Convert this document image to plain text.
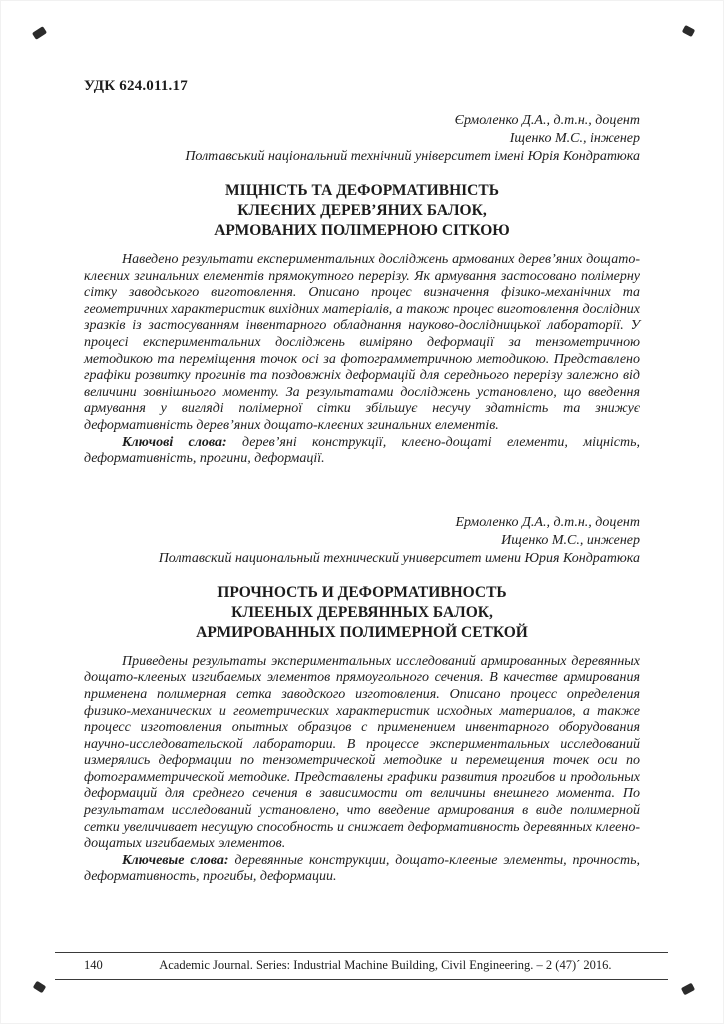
УДК 624.011.17

Єрмоленко Д.А., д.т.н., доцент

Іщенко М.С., інженер

Полтавський національний технічний університет імені Юрія Кондратюка

МІЦНІСТЬ ТА ДЕФОРМАТИВНІСТЬ
КЛЕЄНИХ ДЕРЕВ’ЯНИХ БАЛОК,
АРМОВАНИХ ПОЛІМЕРНОЮ СІТКОЮ

Наведено результати експериментальних досліджень армованих дерев’яних дощато-клеєних згинальних елементів прямокутного перерізу. Як армування застосовано полімерну сітку заводського виготовлення. Описано процес визначення фізико-механічних та геометричних характеристик вихідних матеріалів, а також процес виготовлення дослідних зразків із застосуванням інвентарного обладнання науково-дослідницької лабораторії. У процесі експериментальних досліджень виміряно деформації за тензометричною методикою та переміщення точок осі за фотограмметричною методикою. Представлено графіки розвитку прогинів та поздовжніх деформацій для середнього перерізу залежно від величини зовнішнього моменту. За результатами досліджень установлено, що введення армування у вигляді полімерної сітки збільшує несучу здатність та знижує деформативність дерев’яних дощато-клеєних згинальних елементів.

Ключові слова: дерев’яні конструкції, клеєно-дощаті елементи, міцність, деформативність, прогини, деформації.

Ермоленко Д.А., д.т.н., доцент

Ищенко М.С., инженер

Полтавский национальный технический университет имени Юрия Кондратюка

ПРОЧНОСТЬ И ДЕФОРМАТИВНОСТЬ
КЛЕЕНЫХ ДЕРЕВЯННЫХ БАЛОК,
АРМИРОВАННЫХ ПОЛИМЕРНОЙ СЕТКОЙ

Приведены результаты экспериментальных исследований армированных деревянных дощато-клееных изгибаемых элементов прямоугольного сечения. В качестве армирования применена полимерная сетка заводского изготовления. Описано процесс определения физико-механических и геометрических характеристик исходных материалов, а также процесс изготовления опытных образцов с применением инвентарного оборудования научно-исследовательской лаборатории. В процессе экспериментальных исследований измерялись деформации по тензометрической методике и перемещения точек оси по фотограмметрической методике. Представлены графики развития прогибов и продольных деформаций для среднего сечения в зависимости от величины внешнего момента. По результатам исследований установлено, что введение армирования в виде полимерной сетки увеличивает несущую способность и снижает деформативность деревянных клеено-дощатых изгибаемых элементов.

Ключевые слова: деревянные конструкции, дощато-клееные элементы, прочность, деформативность, прогибы, деформации.

140	Academic Journal. Series: Industrial Machine Building, Civil Engineering. – 2 (47)´ 2016.
